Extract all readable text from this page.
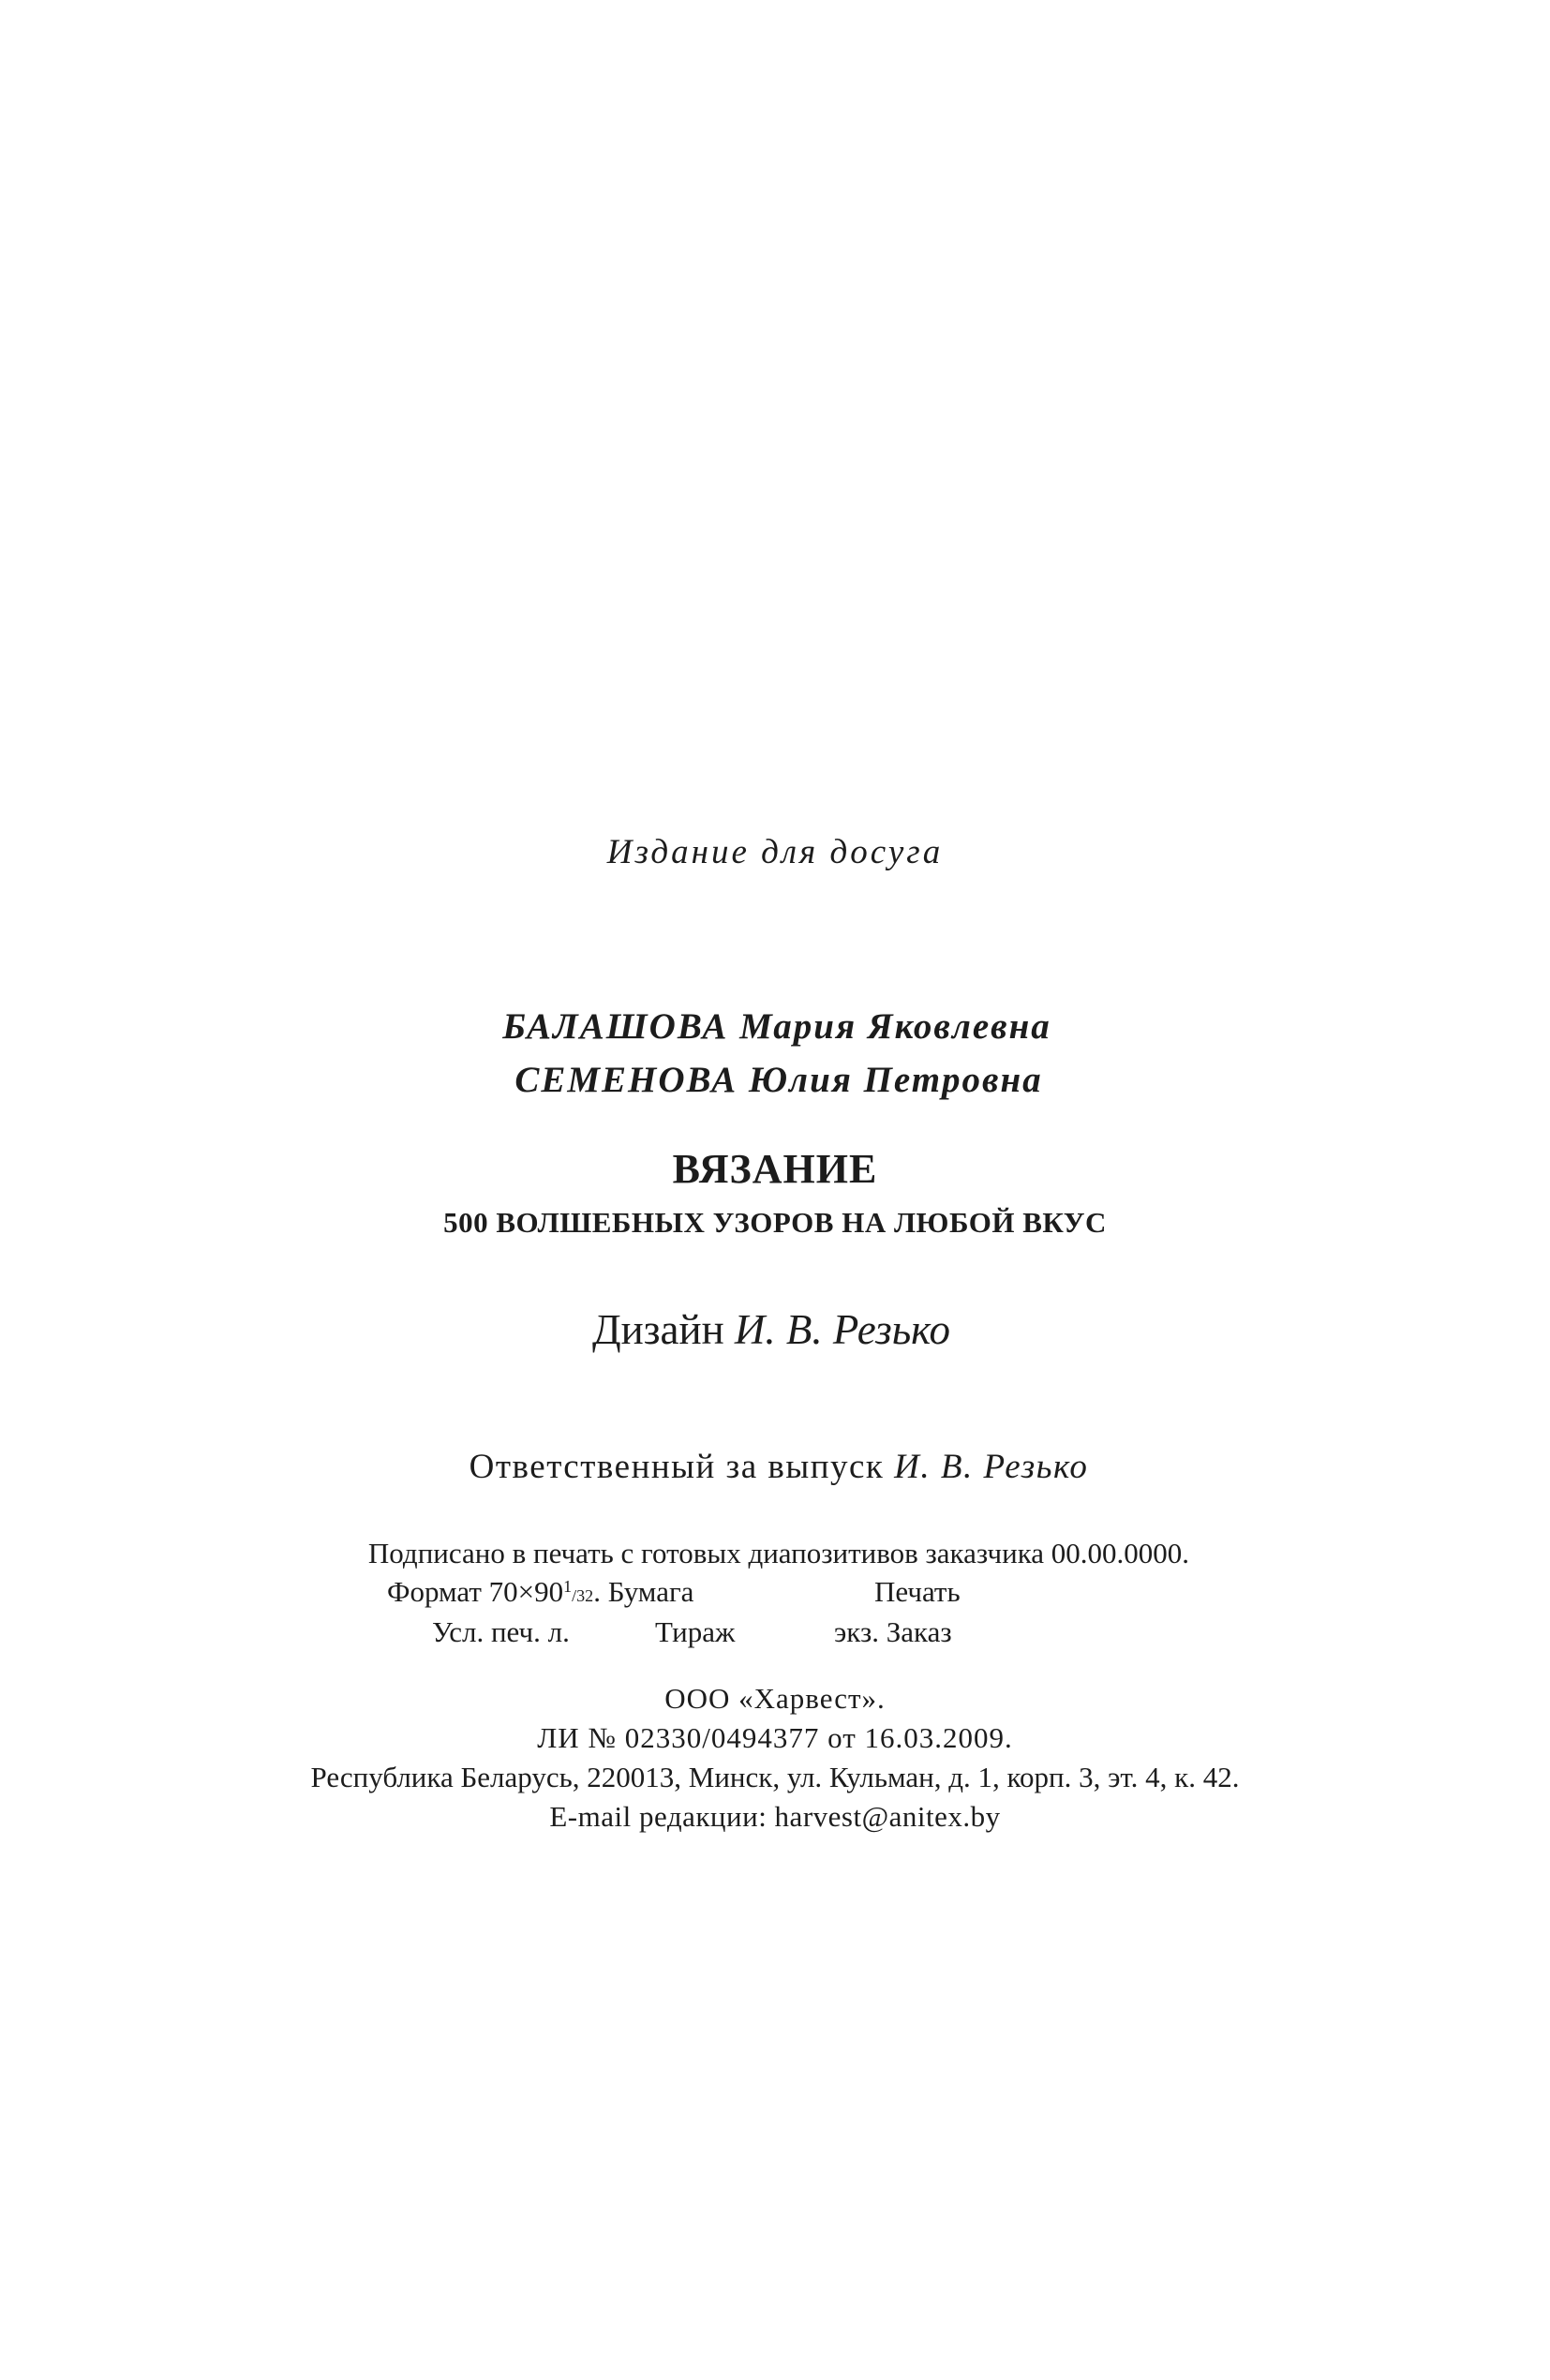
Издание для досуга
БАЛАШОВА Мария Яковлевна
СЕМЕНОВА Юлия Петровна
ВЯЗАНИЕ
500 ВОЛШЕБНЫХ УЗОРОВ НА ЛЮБОЙ ВКУС
Дизайн И. В. Резько
Ответственный за выпуск И. В. Резько
Подписано в печать с готовых диапозитивов заказчика 00.00.0000.
Формат $70\times 90^1/32$. Бумага	Печать
Усл. печ. л.	Тираж	экз. Заказ
ООО «Харвест».
ЛИ № 02330/0494377 от 16.03.2009.
Республика Беларусь, 220013, Минск, ул. Кульман, д. 1, корп. 3, эт. 4, к. 42.
E-mail редакции: harvest@anitex.by
